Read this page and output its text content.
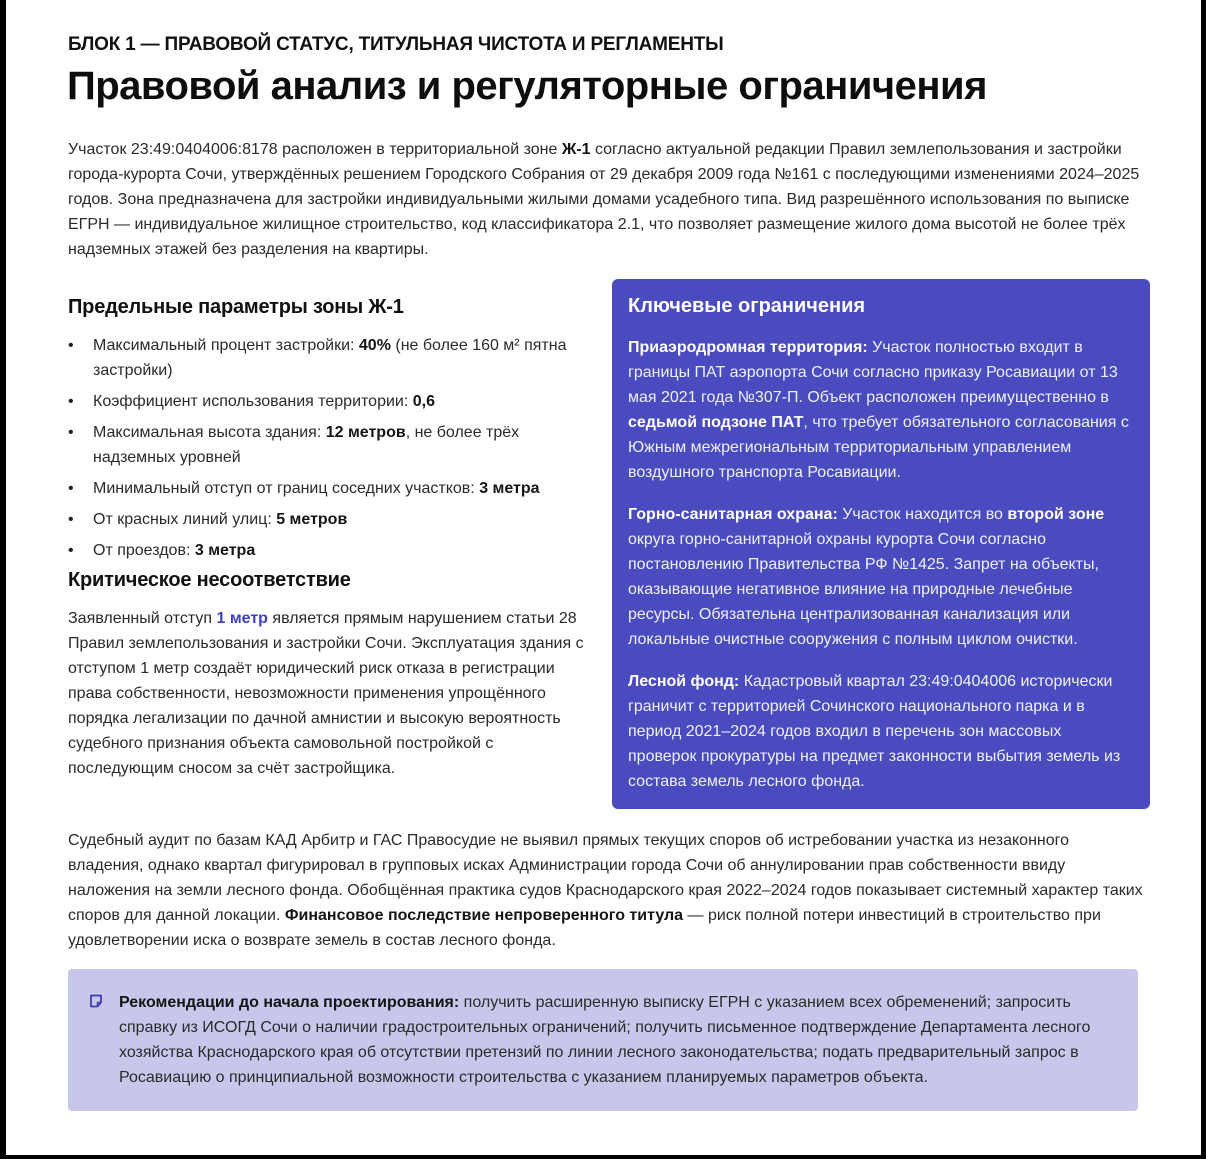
БЛОК 1 — ПРАВОВОЙ СТАТУС, ТИТУЛЬНАЯ ЧИСТОТА И РЕГЛАМЕНТЫ
Правовой анализ и регуляторные ограничения

Участок 23:49:0404006:8178 расположен в территориальной зоне Ж-1 согласно актуальной редакции Правил землепользования и застройки города-курорта Сочи, утверждённых решением Городского Собрания от 29 декабря 2009 года №161 с последующими изменениями 2024–2025 годов. Зона предназначена для застройки индивидуальными жилыми домами усадебного типа. Вид разрешённого использования по выписке ЕГРН — индивидуальное жилищное строительство, код классификатора 2.1, что позволяет размещение жилого дома высотой не более трёх надземных этажей без разделения на квартиры.

Предельные параметры зоны Ж-1
• Максимальный процент застройки: 40% (не более 160 м² пятна застройки)
• Коэффициент использования территории: 0,6
• Максимальная высота здания: 12 метров, не более трёх надземных уровней
• Минимальный отступ от границ соседних участков: 3 метра
• От красных линий улиц: 5 метров
• От проездов: 3 метра
Критическое несоответствие

Заявленный отступ 1 метр является прямым нарушением статьи 28 Правил землепользования и застройки Сочи. Эксплуатация здания с отступом 1 метр создаёт юридический риск отказа в регистрации права собственности, невозможности применения упрощённого порядка легализации по дачной амнистии и высокую вероятность судебного признания объекта самовольной постройкой с последующим сносом за счёт застройщика.

Ключевые ограничения

Приаэродромная территория: Участок полностью входит в границы ПАТ аэропорта Сочи согласно приказу Росавиации от 13 мая 2021 года №307-П. Объект расположен преимущественно в седьмой подзоне ПАТ, что требует обязательного согласования с Южным межрегиональным территориальным управлением воздушного транспорта Росавиации.

Горно-санитарная охрана: Участок находится во второй зоне округа горно-санитарной охраны курорта Сочи согласно постановлению Правительства РФ №1425. Запрет на объекты, оказывающие негативное влияние на природные лечебные ресурсы. Обязательна централизованная канализация или локальные очистные сооружения с полным циклом очистки.

Лесной фонд: Кадастровый квартал 23:49:0404006 исторически граничит с территорией Сочинского национального парка и в период 2021–2024 годов входил в перечень зон массовых проверок прокуратуры на предмет законности выбытия земель из состава земель лесного фонда.

Судебный аудит по базам КАД Арбитр и ГАС Правосудие не выявил прямых текущих споров об истребовании участка из незаконного владения, однако квартал фигурировал в групповых исках Администрации города Сочи об аннулировании прав собственности ввиду наложения на земли лесного фонда. Обобщённая практика судов Краснодарского края 2022–2024 годов показывает системный характер таких споров для данной локации. Финансовое последствие непроверенного титула — риск полной потери инвестиций в строительство при удовлетворении иска о возврате земель в состав лесного фонда.

Рекомендации до начала проектирования: получить расширенную выписку ЕГРН с указанием всех обременений; запросить справку из ИСОГД Сочи о наличии градостроительных ограничений; получить письменное подтверждение Департамента лесного хозяйства Краснодарского края об отсутствии претензий по линии лесного законодательства; подать предварительный запрос в Росавиацию о принципиальной возможности строительства с указанием планируемых параметров объекта.
